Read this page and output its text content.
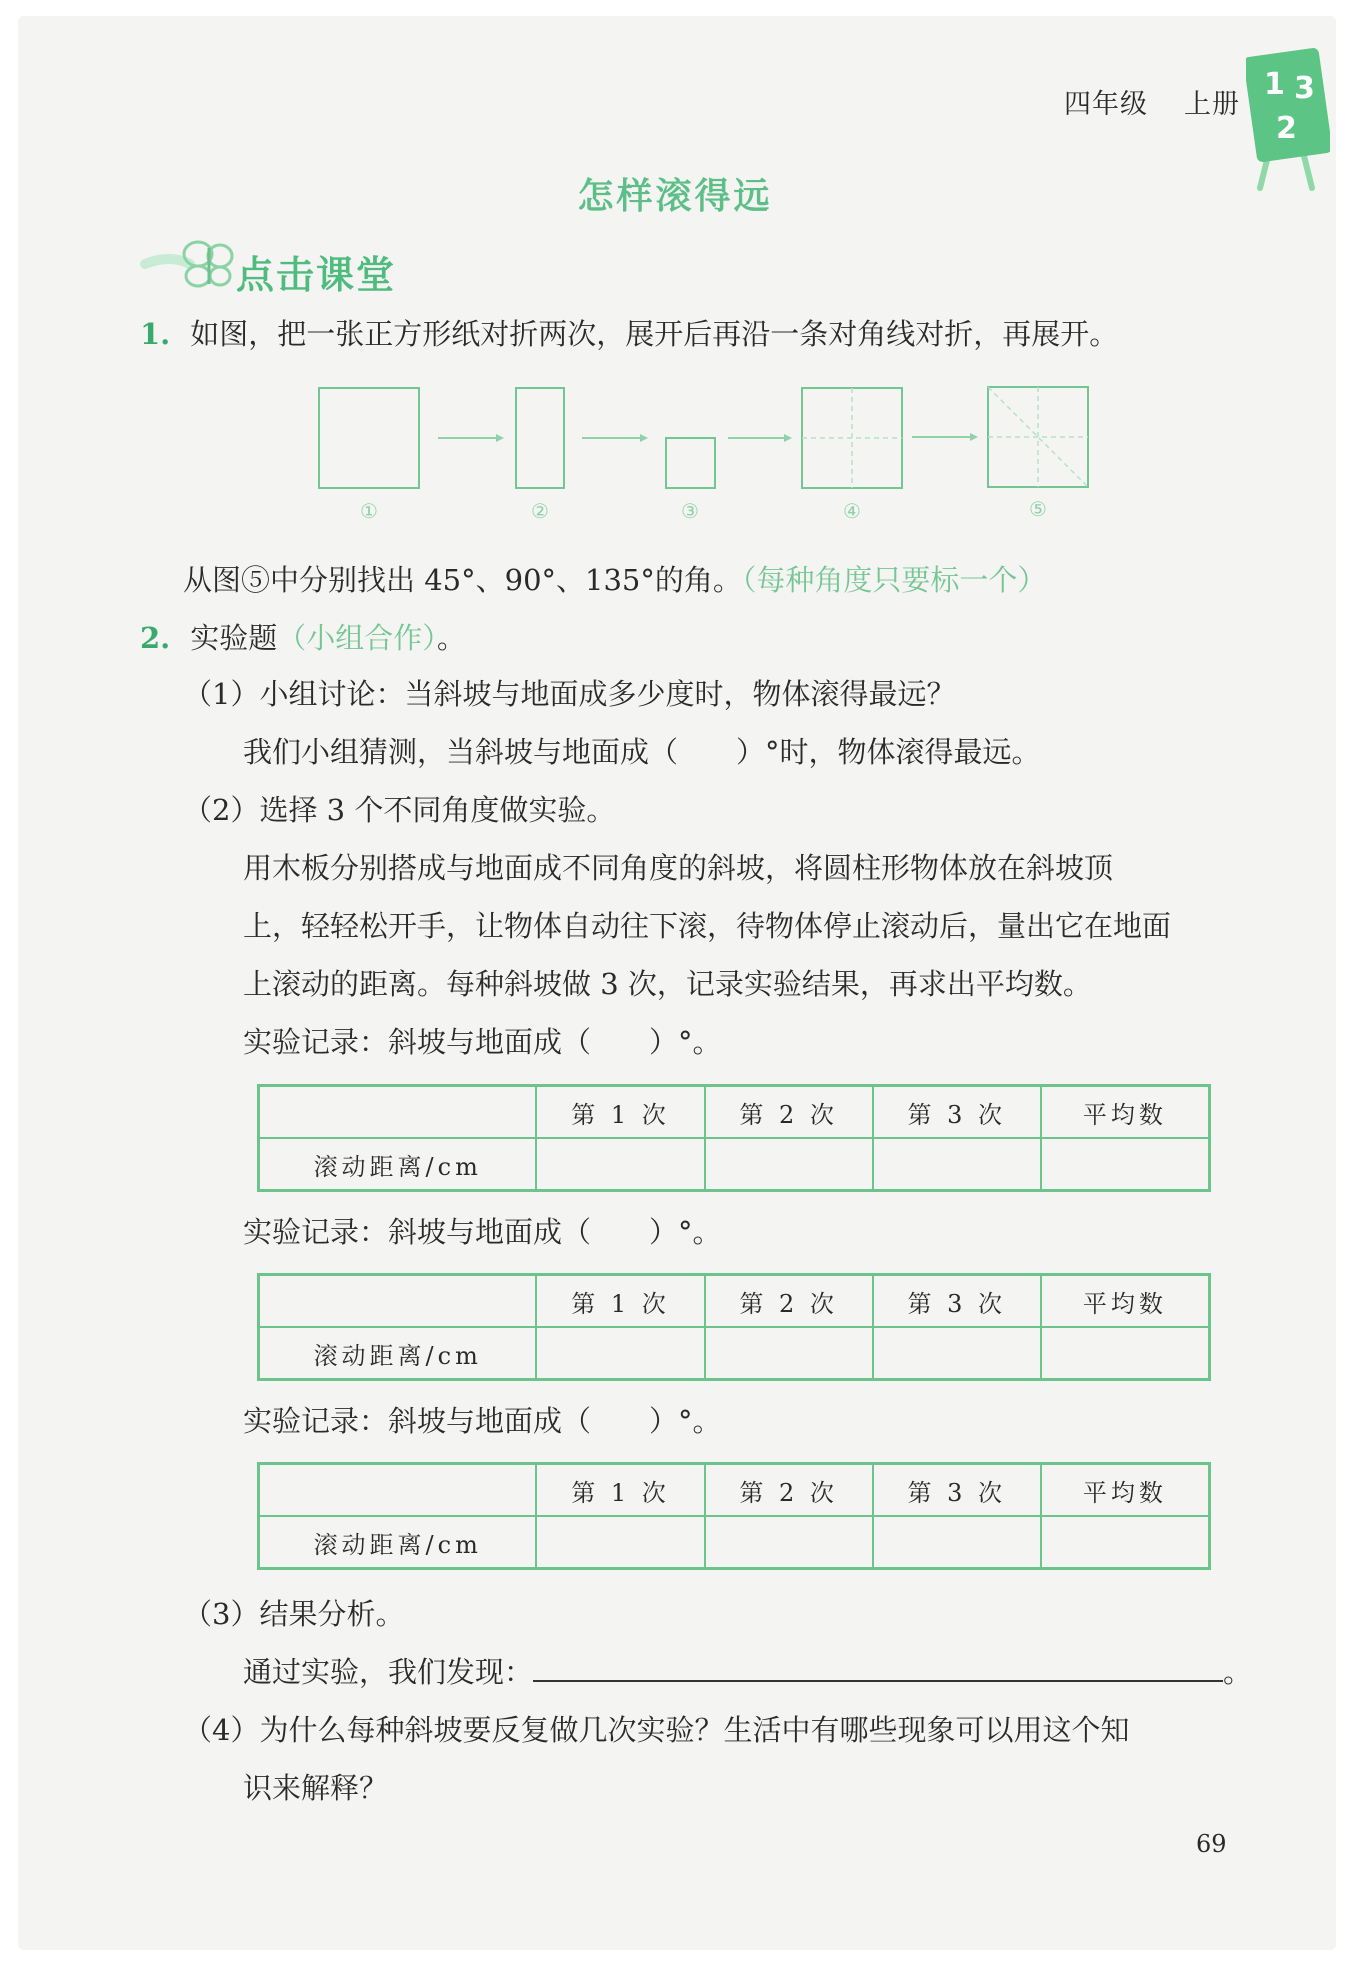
四年级 上册
1 3
2
怎样滚得远
点击课堂
1. 如图，把一张正方形纸对折两次，展开后再沿一条对角线对折，再展开。
①	②	③	④	⑤
从图⑤中分别找出 45°、90°、135°的角。（每种角度只要标一个）
2. 实验题（小组合作）。
（1）小组讨论：当斜坡与地面成多少度时，物体滚得最远？
我们小组猜测，当斜坡与地面成（　　）°时，物体滚得最远。
（2）选择 3 个不同角度做实验。
用木板分别搭成与地面成不同角度的斜坡，将圆柱形物体放在斜坡顶
上，轻轻松开手，让物体自动往下滚，待物体停止滚动后，量出它在地面
上滚动的距离。每种斜坡做 3 次，记录实验结果，再求出平均数。
实验记录：斜坡与地面成（　　）°。
	第 1 次	第 2 次	第 3 次	平均数
滚动距离/cm				
实验记录：斜坡与地面成（　　）°。
	第 1 次	第 2 次	第 3 次	平均数
滚动距离/cm				
实验记录：斜坡与地面成（　　）°。
	第 1 次	第 2 次	第 3 次	平均数
滚动距离/cm				
（3）结果分析。
通过实验，我们发现：	。
（4）为什么每种斜坡要反复做几次实验？生活中有哪些现象可以用这个知
识来解释？
69
